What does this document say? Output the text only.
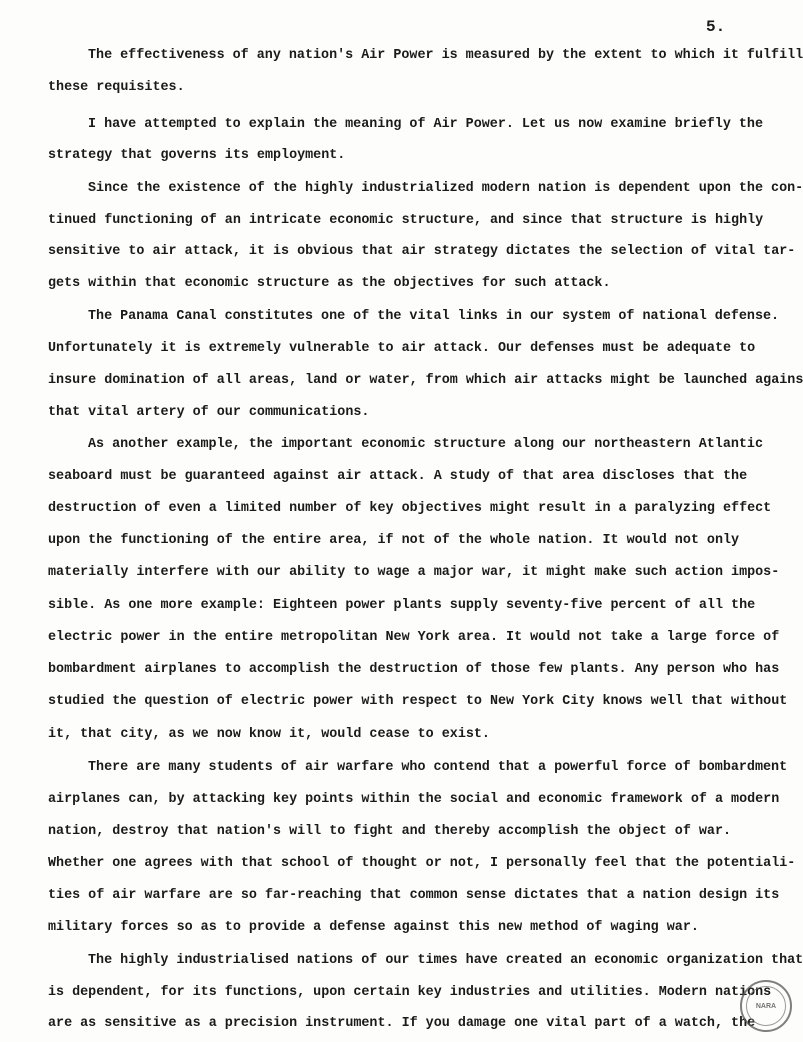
5.

The effectiveness of any nation's Air Power is measured by the extent to which it fulfill

these requisites.

I have attempted to explain the meaning of Air Power. Let us now examine briefly the

strategy that governs its employment.

Since the existence of the highly industrialized modern nation is dependent upon the con-

tinued functioning of an intricate economic structure, and since that structure is highly

sensitive to air attack, it is obvious that air strategy dictates the selection of vital tar-

gets within that economic structure as the objectives for such attack.

The Panama Canal constitutes one of the vital links in our system of national defense.

Unfortunately it is extremely vulnerable to air attack. Our defenses must be adequate to

insure domination of all areas, land or water, from which air attacks might be launched agains

that vital artery of our communications.

As another example, the important economic structure along our northeastern Atlantic

seaboard must be guaranteed against air attack. A study of that area discloses that the

destruction of even a limited number of key objectives might result in a paralyzing effect

upon the functioning of the entire area, if not of the whole nation. It would not only

materially interfere with our ability to wage a major war, it might make such action impos-

sible. As one more example: Eighteen power plants supply seventy-five percent of all the

electric power in the entire metropolitan New York area. It would not take a large force of

bombardment airplanes to accomplish the destruction of those few plants. Any person who has

studied the question of electric power with respect to New York City knows well that without

it, that city, as we now know it, would cease to exist.

There are many students of air warfare who contend that a powerful force of bombardment

airplanes can, by attacking key points within the social and economic framework of a modern

nation, destroy that nation's will to fight and thereby accomplish the object of war.

Whether one agrees with that school of thought or not, I personally feel that the potentiali-

ties of air warfare are so far-reaching that common sense dictates that a nation design its

military forces so as to provide a defense against this new method of waging war.

The highly industrialised nations of our times have created an economic organization that

is dependent, for its functions, upon certain key industries and utilities. Modern nations

are as sensitive as a precision instrument. If you damage one vital part of a watch, the

NARA
